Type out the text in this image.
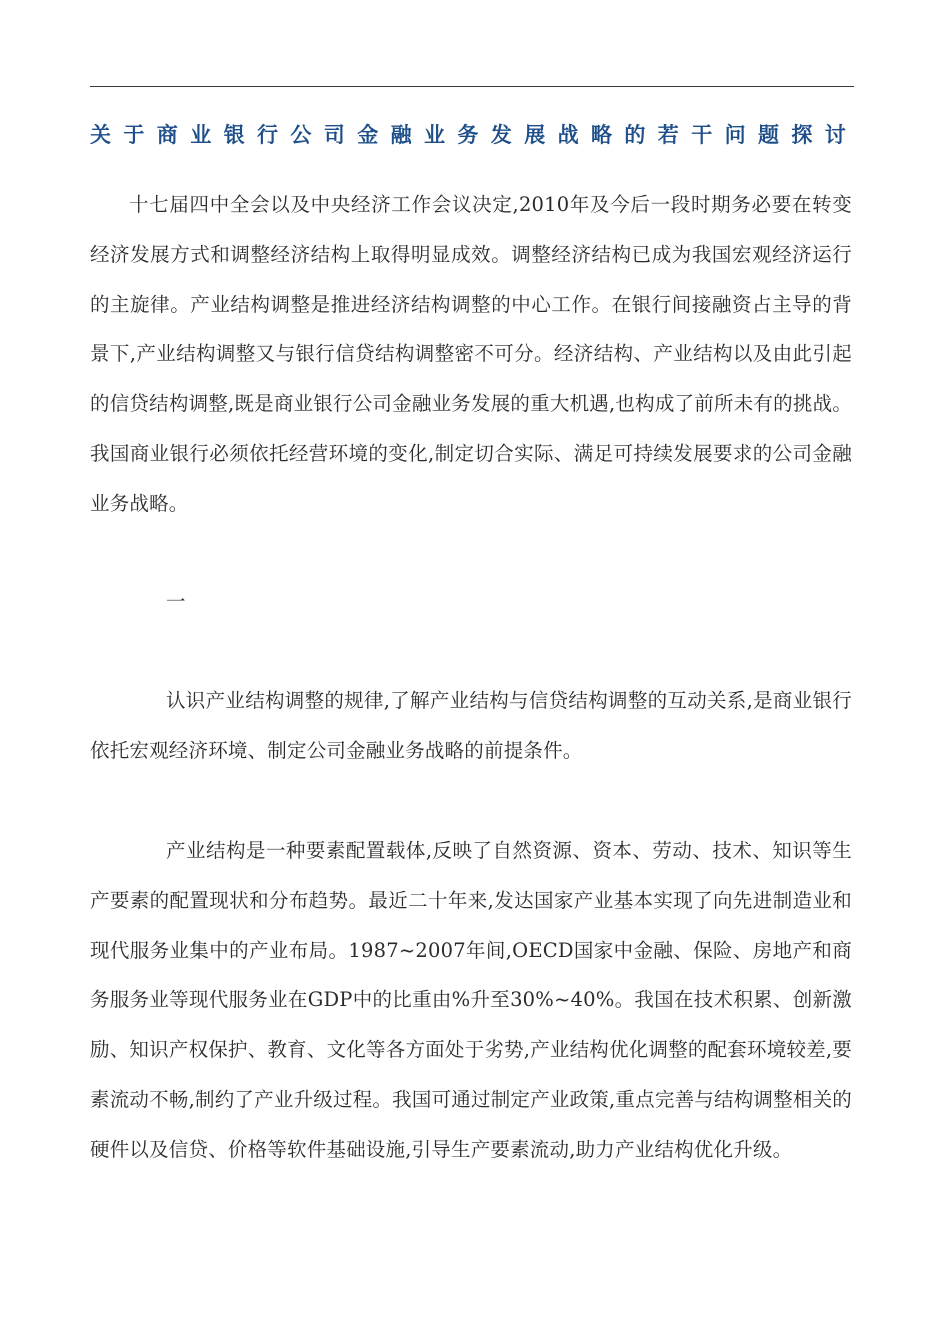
关于商业银行公司金融业务发展战略的若干问题探讨

十七届四中全会以及中央经济工作会议决定,2010年及今后一段时期务必要在转变经济发展方式和调整经济结构上取得明显成效。调整经济结构已成为我国宏观经济运行的主旋律。产业结构调整是推进经济结构调整的中心工作。在银行间接融资占主导的背景下,产业结构调整又与银行信贷结构调整密不可分。经济结构、产业结构以及由此引起的信贷结构调整,既是商业银行公司金融业务发展的重大机遇,也构成了前所未有的挑战。我国商业银行必须依托经营环境的变化,制定切合实际、满足可持续发展要求的公司金融业务战略。

一

认识产业结构调整的规律,了解产业结构与信贷结构调整的互动关系,是商业银行依托宏观经济环境、制定公司金融业务战略的前提条件。

产业结构是一种要素配置载体,反映了自然资源、资本、劳动、技术、知识等生产要素的配置现状和分布趋势。最近二十年来,发达国家产业基本实现了向先进制造业和现代服务业集中的产业布局。1987~2007年间,OECD国家中金融、保险、房地产和商务服务业等现代服务业在GDP中的比重由%升至30%~40%。我国在技术积累、创新激励、知识产权保护、教育、文化等各方面处于劣势,产业结构优化调整的配套环境较差,要素流动不畅,制约了产业升级过程。我国可通过制定产业政策,重点完善与结构调整相关的硬件以及信贷、价格等软件基础设施,引导生产要素流动,助力产业结构优化升级。
